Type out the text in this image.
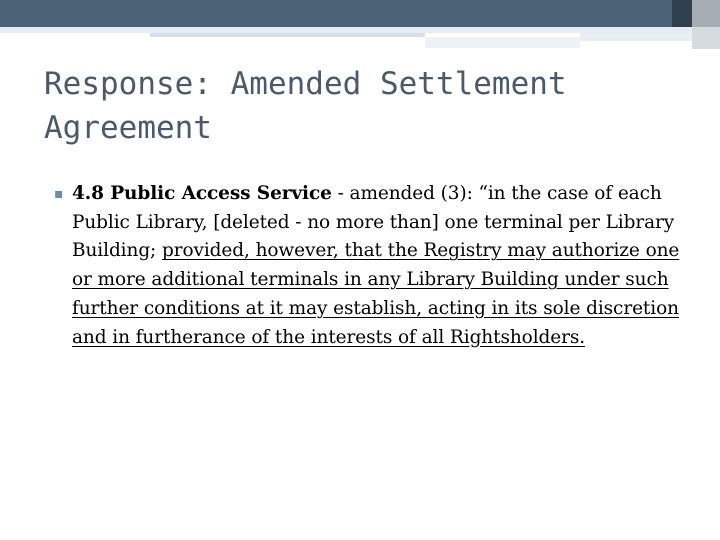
Response: Amended Settlement Agreement
▪ 4.8 Public Access Service - amended (3): “in the case of each Public Library, [deleted - no more than] one terminal per Library Building; provided, however, that the Registry may authorize one or more additional terminals in any Library Building under such further conditions at it may establish, acting in its sole discretion and in furtherance of the interests of all Rightsholders.
